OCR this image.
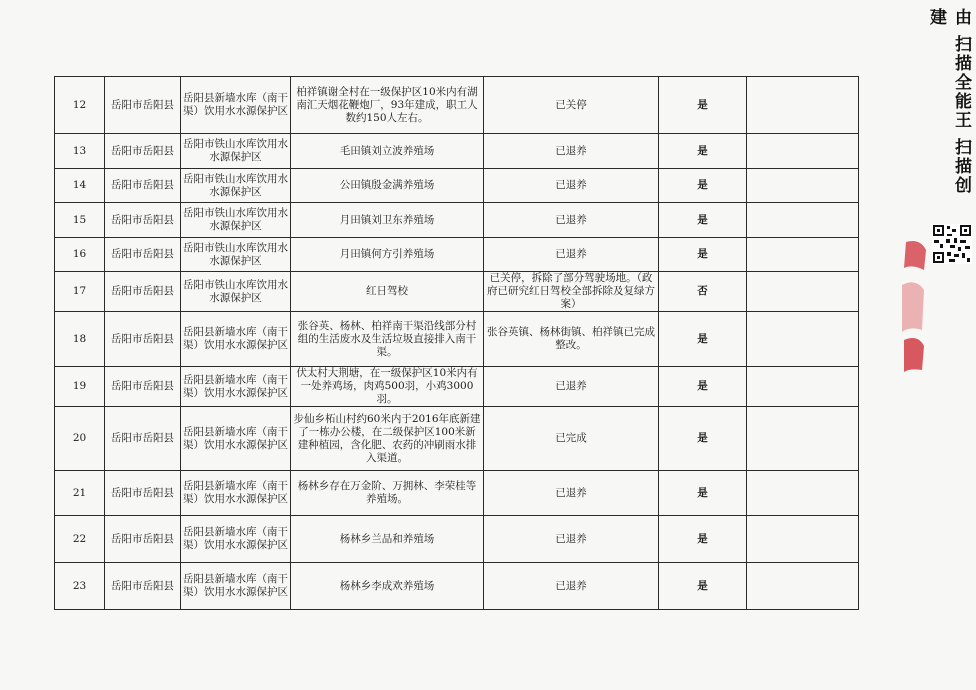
12	岳阳市岳阳县	岳阳县新墙水库（南干渠）饮用水水源保护区	柏祥镇谢全村在一级保护区10米内有湖南汇天烟花鞭炮厂，93年建成，职工人数约150人左右。	已关停	是	
13	岳阳市岳阳县	岳阳市铁山水库饮用水水源保护区	毛田镇刘立波养殖场	已退养	是	
14	岳阳市岳阳县	岳阳市铁山水库饮用水水源保护区	公田镇殷金满养殖场	已退养	是	
15	岳阳市岳阳县	岳阳市铁山水库饮用水水源保护区	月田镇刘卫东养殖场	已退养	是	
16	岳阳市岳阳县	岳阳市铁山水库饮用水水源保护区	月田镇何方引养殖场	已退养	是	
17	岳阳市岳阳县	岳阳市铁山水库饮用水水源保护区	红日驾校	已关停，拆除了部分驾驶场地。（政府已研究红日驾校全部拆除及复绿方案）	否	
18	岳阳市岳阳县	岳阳县新墙水库（南干渠）饮用水水源保护区	张谷英、杨林、柏祥南干渠沿线部分村组的生活废水及生活垃圾直接排入南干渠。	张谷英镇、杨林街镇、柏祥镇已完成整改。	是	
19	岳阳市岳阳县	岳阳县新墙水库（南干渠）饮用水水源保护区	伏太村大荆塘，在一级保护区10米内有一处养鸡场，肉鸡500羽，小鸡3000羽。	已退养	是	
20	岳阳市岳阳县	岳阳县新墙水库（南干渠）饮用水水源保护区	步仙乡柘山村约60米内于2016年底新建了一栋办公楼，在二级保护区100米新建种植园，含化肥、农药的冲刷雨水排入渠道。	已完成	是	
21	岳阳市岳阳县	岳阳县新墙水库（南干渠）饮用水水源保护区	杨林乡存在万金阶、万拥林、李荣桂等养殖场。	已退养	是	
22	岳阳市岳阳县	岳阳县新墙水库（南干渠）饮用水水源保护区	杨林乡兰品和养殖场	已退养	是	
23	岳阳市岳阳县	岳阳县新墙水库（南干渠）饮用水水源保护区	杨林乡李成欢养殖场	已退养	是	
由 扫描全能王 扫描创建
